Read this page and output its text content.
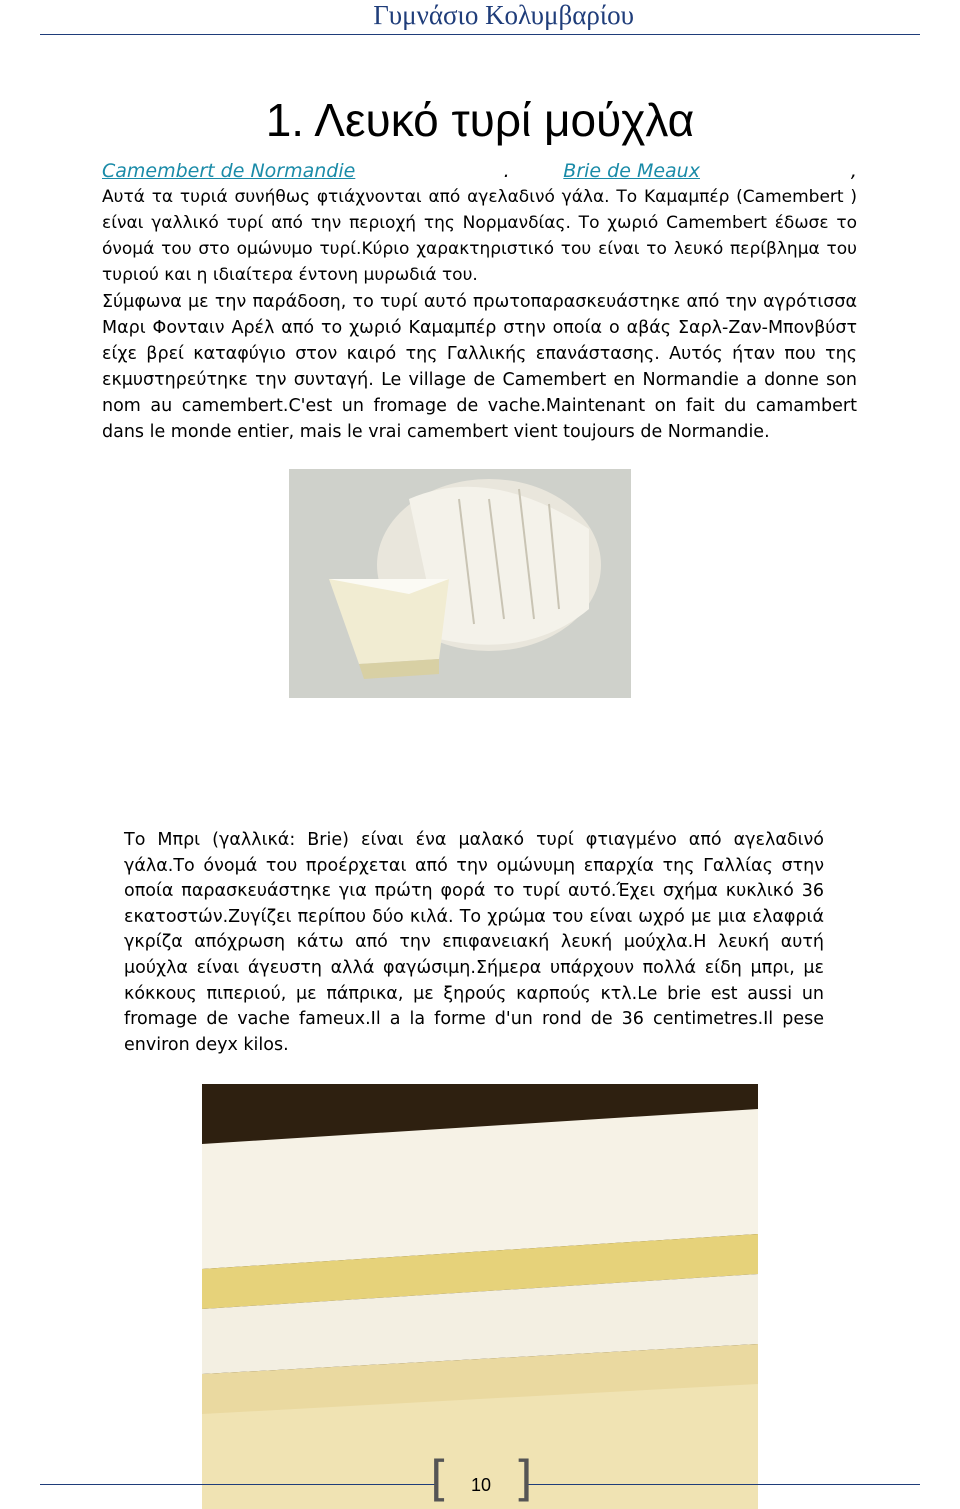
Γυμνάσιο Κολυμβαρίου
1. Λευκό τυρί μούχλα
Camembert de Normandie	.	Brie de Meaux	,
Αυτά τα τυριά συνήθως φτιάχνονται από αγελαδινό γάλα. Το Καμαμπέρ (Camembert ) είναι γαλλικό τυρί από την περιοχή της Νορμανδίας. Το χωριό Camembert έδωσε το όνομά του στο ομώνυμο τυρί.Κύριο χαρακτηριστικό του είναι το λευκό περίβλημα του τυριού και η ιδιαίτερα έντονη μυρωδιά του.
Σύμφωνα με την παράδοση, το τυρί αυτό πρωτοπαρασκευάστηκε από την αγρότισσα Μαρι Φονταιν Αρέλ από το χωριό Καμαμπέρ στην οποία ο αβάς Σαρλ-Ζαν-Μπονβύστ είχε βρεί καταφύγιο στον καιρό της Γαλλικής επανάστασης. Αυτός ήταν που της εκμυστηρεύτηκε την συνταγή. Le village de Camembert en Normandie a donne son nom au camembert.C'est un fromage de vache.Maintenant on fait du camambert dans le monde entier, mais le vrai camembert vient toujours de Normandie.
Το Μπρι (γαλλικά: Brie) είναι ένα μαλακό τυρί φτιαγμένο από αγελαδινό γάλα.Το όνομά του προέρχεται από την ομώνυμη επαρχία της Γαλλίας στην οποία παρασκευάστηκε για πρώτη φορά το τυρί αυτό.Έχει σχήμα κυκλικό 36 εκατοστών.Ζυγίζει περίπου δύο κιλά. Το χρώμα του είναι ωχρό με μια ελαφριά γκρίζα απόχρωση κάτω από την επιφανειακή λευκή μούχλα.Η λευκή αυτή μούχλα είναι άγευστη αλλά φαγώσιμη.Σήμερα υπάρχουν πολλά είδη μπρι, με κόκκους πιπεριού, με πάπρικα, με ξηρούς καρπούς κτλ.Le brie est aussi un fromage de vache fameux.Il a la forme d'un rond de 36 centimetres.Il pese environ deyx kilos.
[ ]
10
